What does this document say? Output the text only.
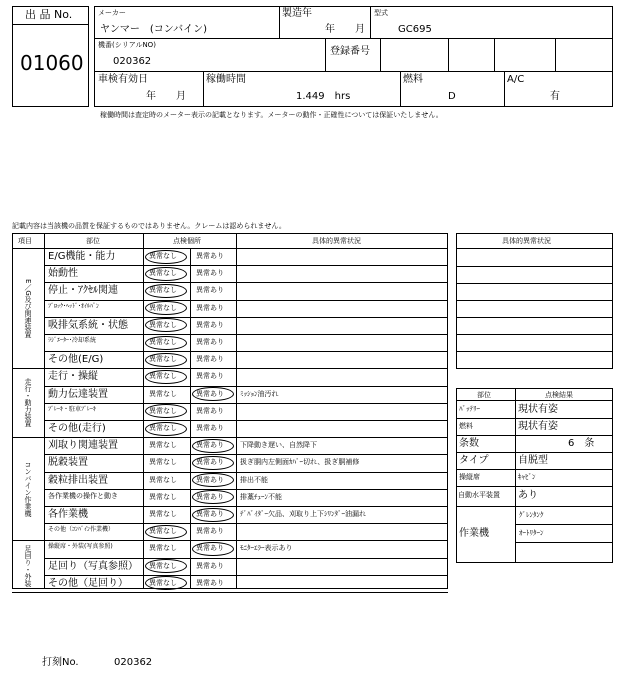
出 品 No.
01060
メーカー
ヤンマー　(コンバイン)
製造年
年　　月
型式
GC695
機番(シリアルNO)
020362
登録番号
車検有効日
年　　月
稼働時間
1.449　hrs
燃料
D
A/C
有
稼働時間は査定時のメーター表示の記載となります。メーターの動作・正確性については保証いたしません。
記載内容は当該機の品質を保証するものではありません。クレームは認められません。
項目	部位	点検個所	具体的異常状況
E/G機能・能力	異常なし	異常あり
始動性	異常なし	異常あり
停止・ｱｸｾﾙ関連	異常なし	異常あり
ﾌﾞﾛｯｸ･ﾍｯﾄﾞ･ｵｲﾙﾊﾟﾝ	異常なし	異常あり
吸排気系統・状態	異常なし	異常あり
ﾗｼﾞｴｰﾀｰ･冷却系統	異常なし	異常あり
その他(E/G)	異常なし	異常あり
E／G及び関連装置
走行・操縦	異常なし	異常あり
動力伝達装置	異常なし	異常あり ﾐｯｼｮﾝ油汚れ
ﾌﾞﾚｰｷ・駐車ﾌﾞﾚｰｷ	異常なし	異常あり
その他(走行)	異常なし	異常あり
走行・動力装置
刈取り関連装置	異常なし	異常あり 下降動き遅い、自然降下
脱穀装置	異常なし	異常あり 扱ぎ胴内左側面ｶﾊﾞｰ切れ、扱ぎ胴補修
穀粒排出装置	異常なし	異常あり 排出不能
各作業機の操作と動き	異常なし	異常あり 排藁ﾁｪｰﾝ不能
各作業機	異常なし	異常あり ﾃﾞﾊﾞｲﾀﾞｰ欠品、刈取り上下ｼﾘﾝﾀﾞｰ油漏れ
その他（ｺﾝﾊﾞｲﾝ作業機）	異常なし	異常あり
コンバイン作業機
操縦席・外装(写真参照)	異常なし	異常あり ﾓﾆﾀｰｴﾗｰ表示あり
足回り（写真参照） 異常なし	異常あり
その他（足回り）	異常なし	異常あり
足回り・外装
具体的異常状況
部位	点検結果
ﾊﾞｯﾃﾘｰ	現状有姿
燃料	現状有姿
条数	6　条
タイプ	自脱型
操縦席	ｷｬﾋﾞﾝ
自動水平装置 あり
作業機
ｸﾞﾚﾝﾀﾝｸ
ｵｰﾄﾘﾀｰﾝ
打刻No.	020362
